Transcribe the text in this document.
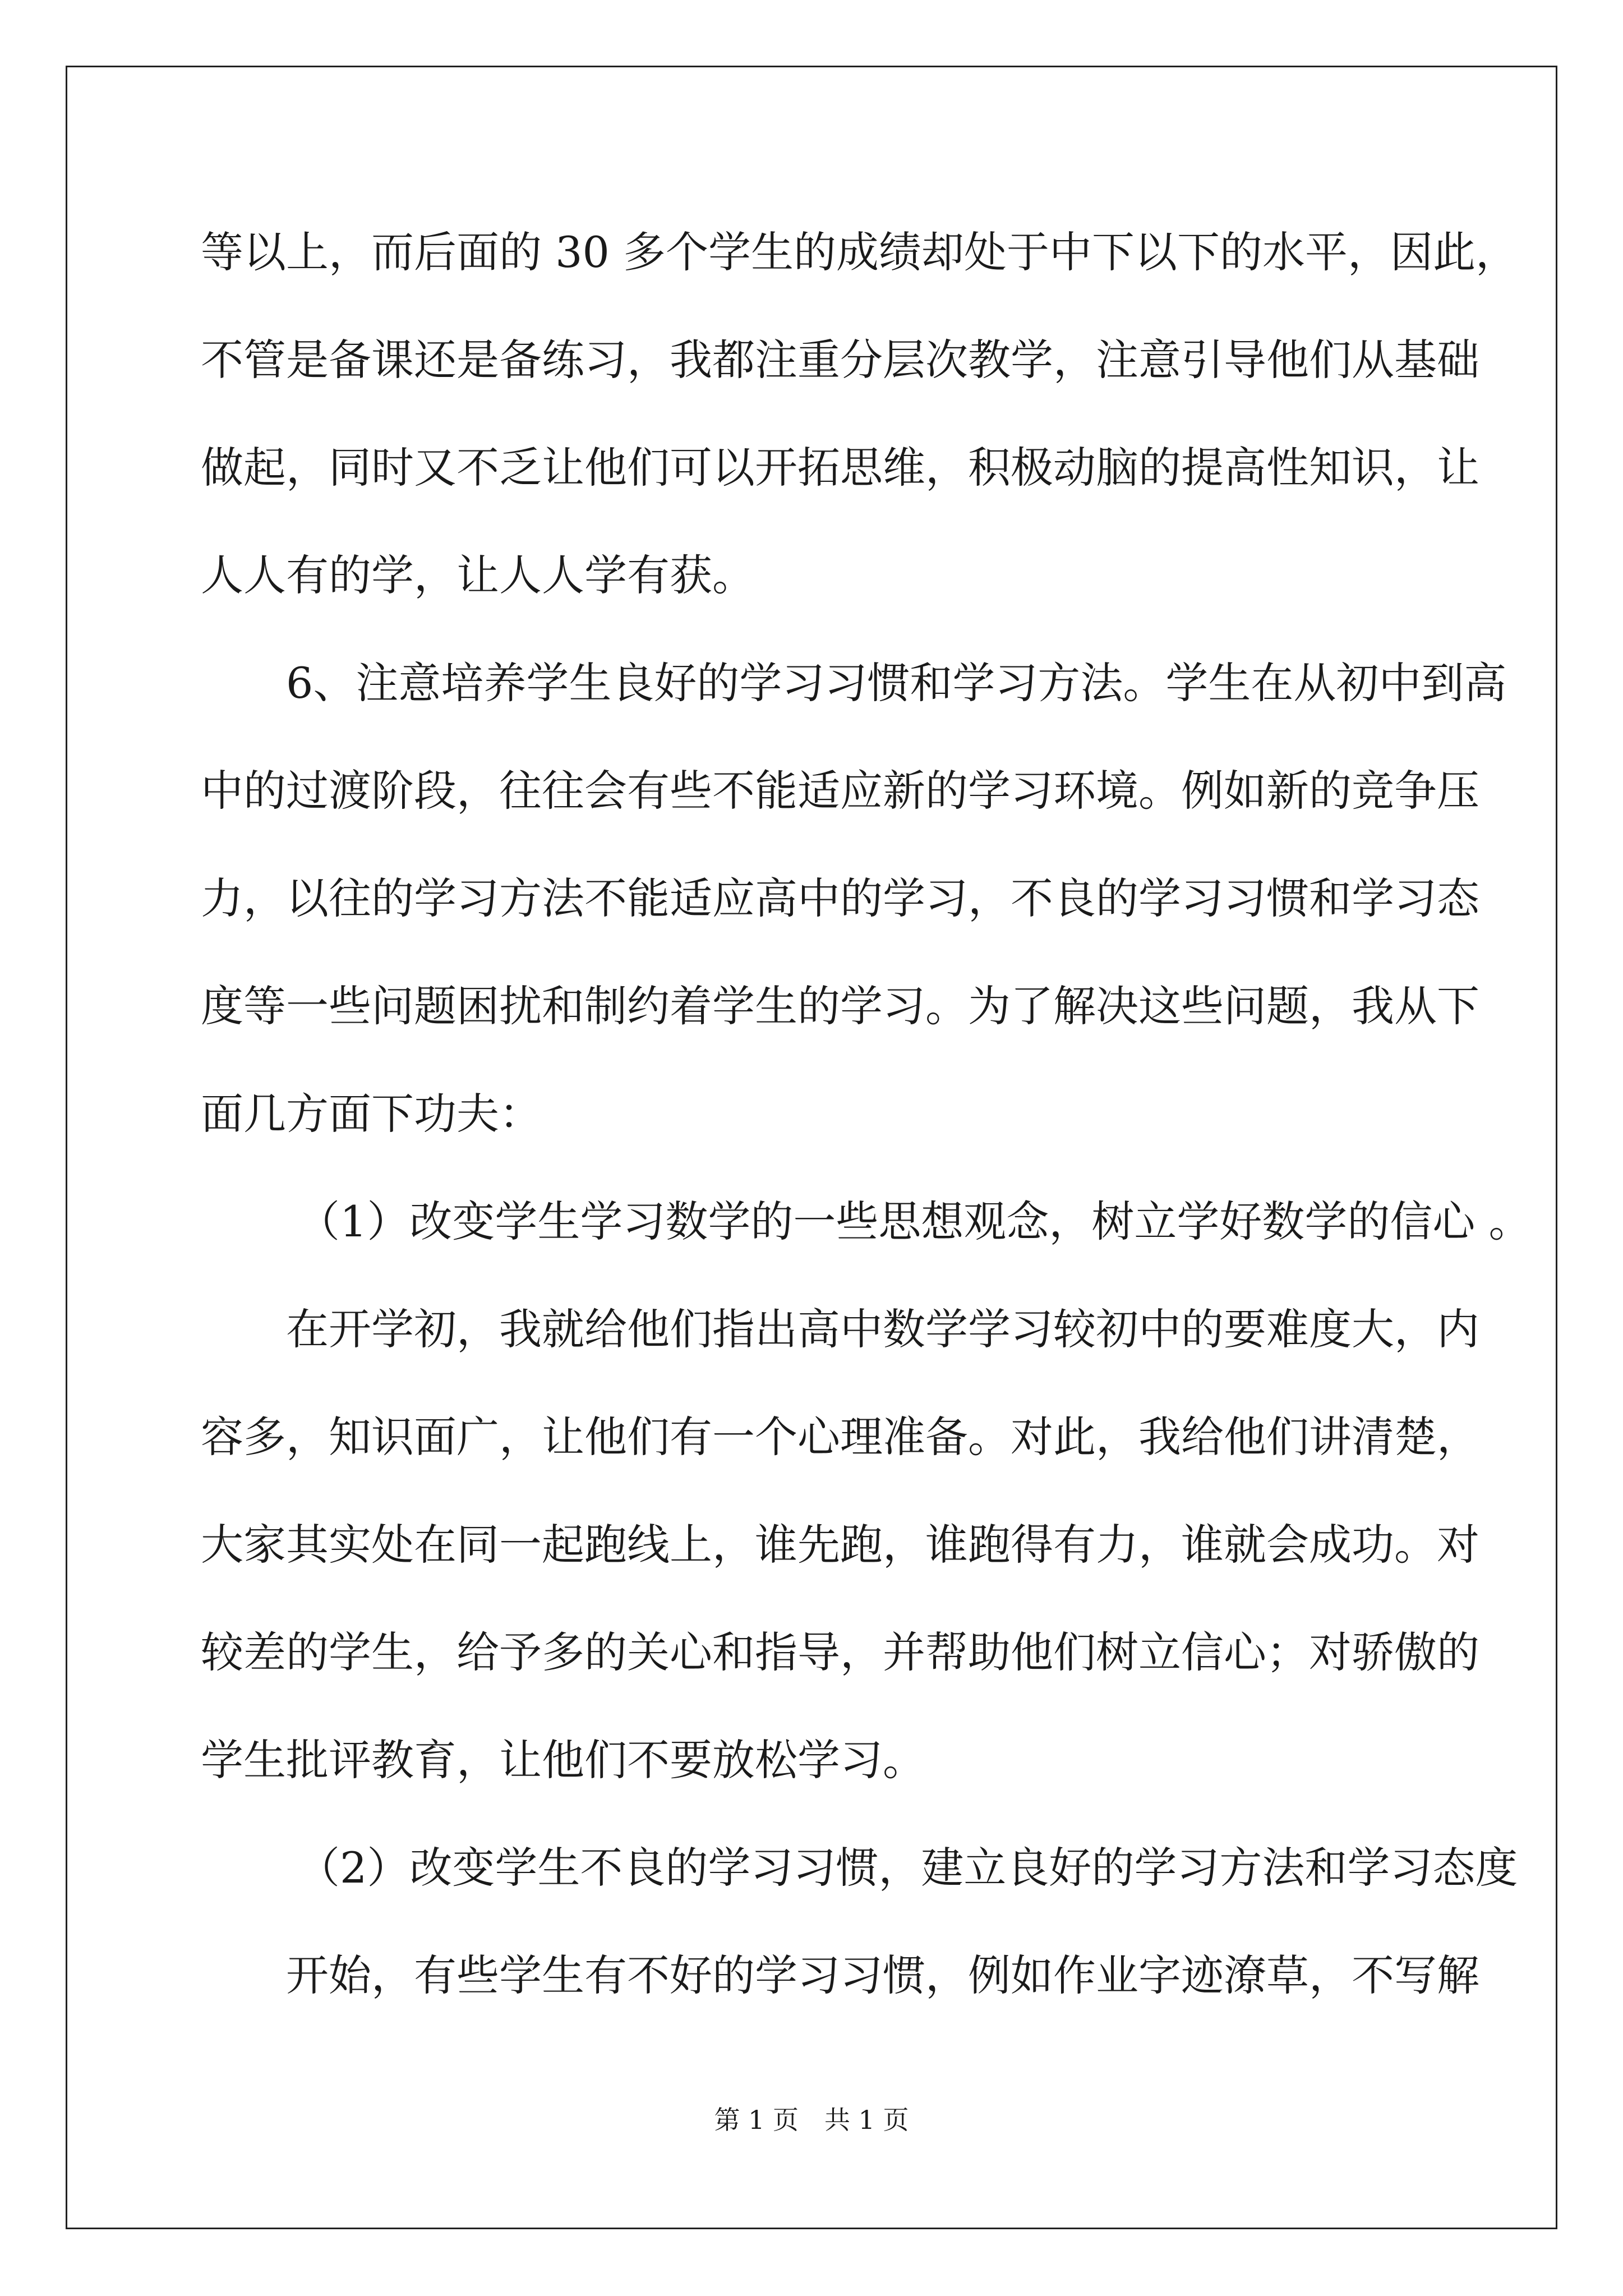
等以上，而后面的 30 多个学生的成绩却处于中下以下的水平，因此，
不管是备课还是备练习，我都注重分层次教学，注意引导他们从基础
做起，同时又不乏让他们可以开拓思维，积极动脑的提高性知识，让
人人有的学，让人人学有获。
6、注意培养学生良好的学习习惯和学习方法。学生在从初中到高
中的过渡阶段，往往会有些不能适应新的学习环境。例如新的竞争压
力，以往的学习方法不能适应高中的学习，不良的学习习惯和学习态
度等一些问题困扰和制约着学生的学习。为了解决这些问题，我从下
面几方面下功夫：
（1）改变学生学习数学的一些思想观念，树立学好数学的信心 。
在开学初，我就给他们指出高中数学学习较初中的要难度大，内
容多，知识面广，让他们有一个心理准备。对此，我给他们讲清楚，
大家其实处在同一起跑线上，谁先跑，谁跑得有力，谁就会成功。对
较差的学生，给予多的关心和指导，并帮助他们树立信心；对骄傲的
学生批评教育，让他们不要放松学习。
（2）改变学生不良的学习习惯，建立良好的学习方法和学习态度
开始，有些学生有不好的学习习惯，例如作业字迹潦草，不写解
第 1 页　共 1 页
